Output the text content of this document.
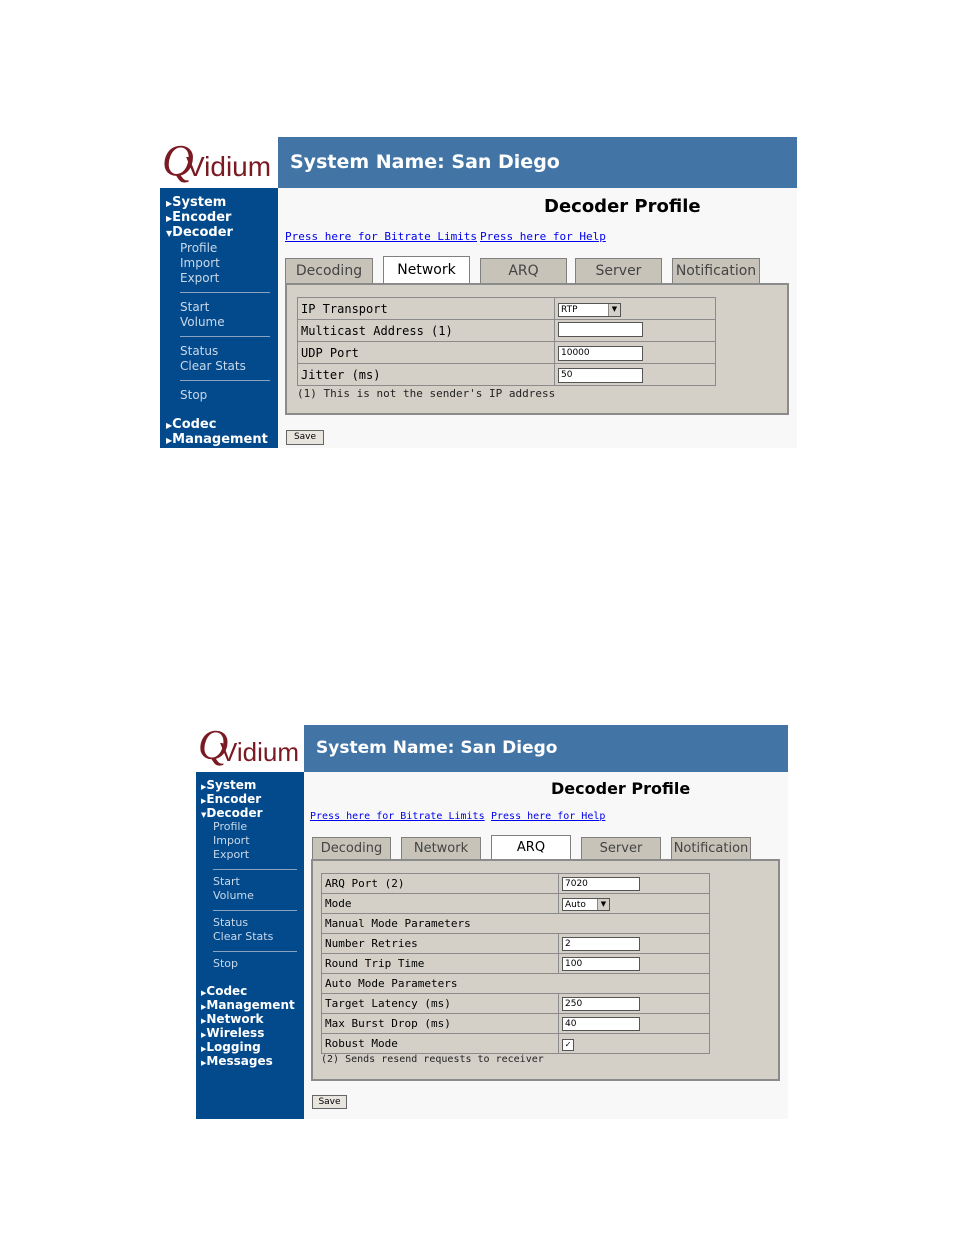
Q
Vidium System Name: San Diego
▶System
▶Encoder
▼Decoder
Profile
Import
Export
Start
Volume
Status
Clear Stats
Stop
▶Codec
▶Management
Decoder Profile
Press here for Bitrate Limits Press here for Help
Decoding	Network	ARQ	Server	Notification
IP Transport	RTP ▼

Multicast Address (1)	
UDP Port	10000
Jitter (ms)	50
(1) This is not the sender's IP address
Save
Q
Vidium System Name: San Diego
▶System
▶Encoder
▼Decoder
Profile
Import
Export
Start
Volume
Status
Clear Stats
Stop
▶Codec
▶Management
▶Network
▶Wireless
▶Logging
▶Messages
Decoder Profile
Press here for Bitrate Limits Press here for Help
Decoding	Network	ARQ	Server	Notification
ARQ Port (2)	7020
Mode	Auto ▼

Manual Mode Parameters	
Number Retries	2
Round Trip Time	100
Auto Mode Parameters	
Target Latency (ms)	250
Max Burst Drop (ms)	40
Robust Mode	✓
(2) Sends resend requests to receiver
Save
